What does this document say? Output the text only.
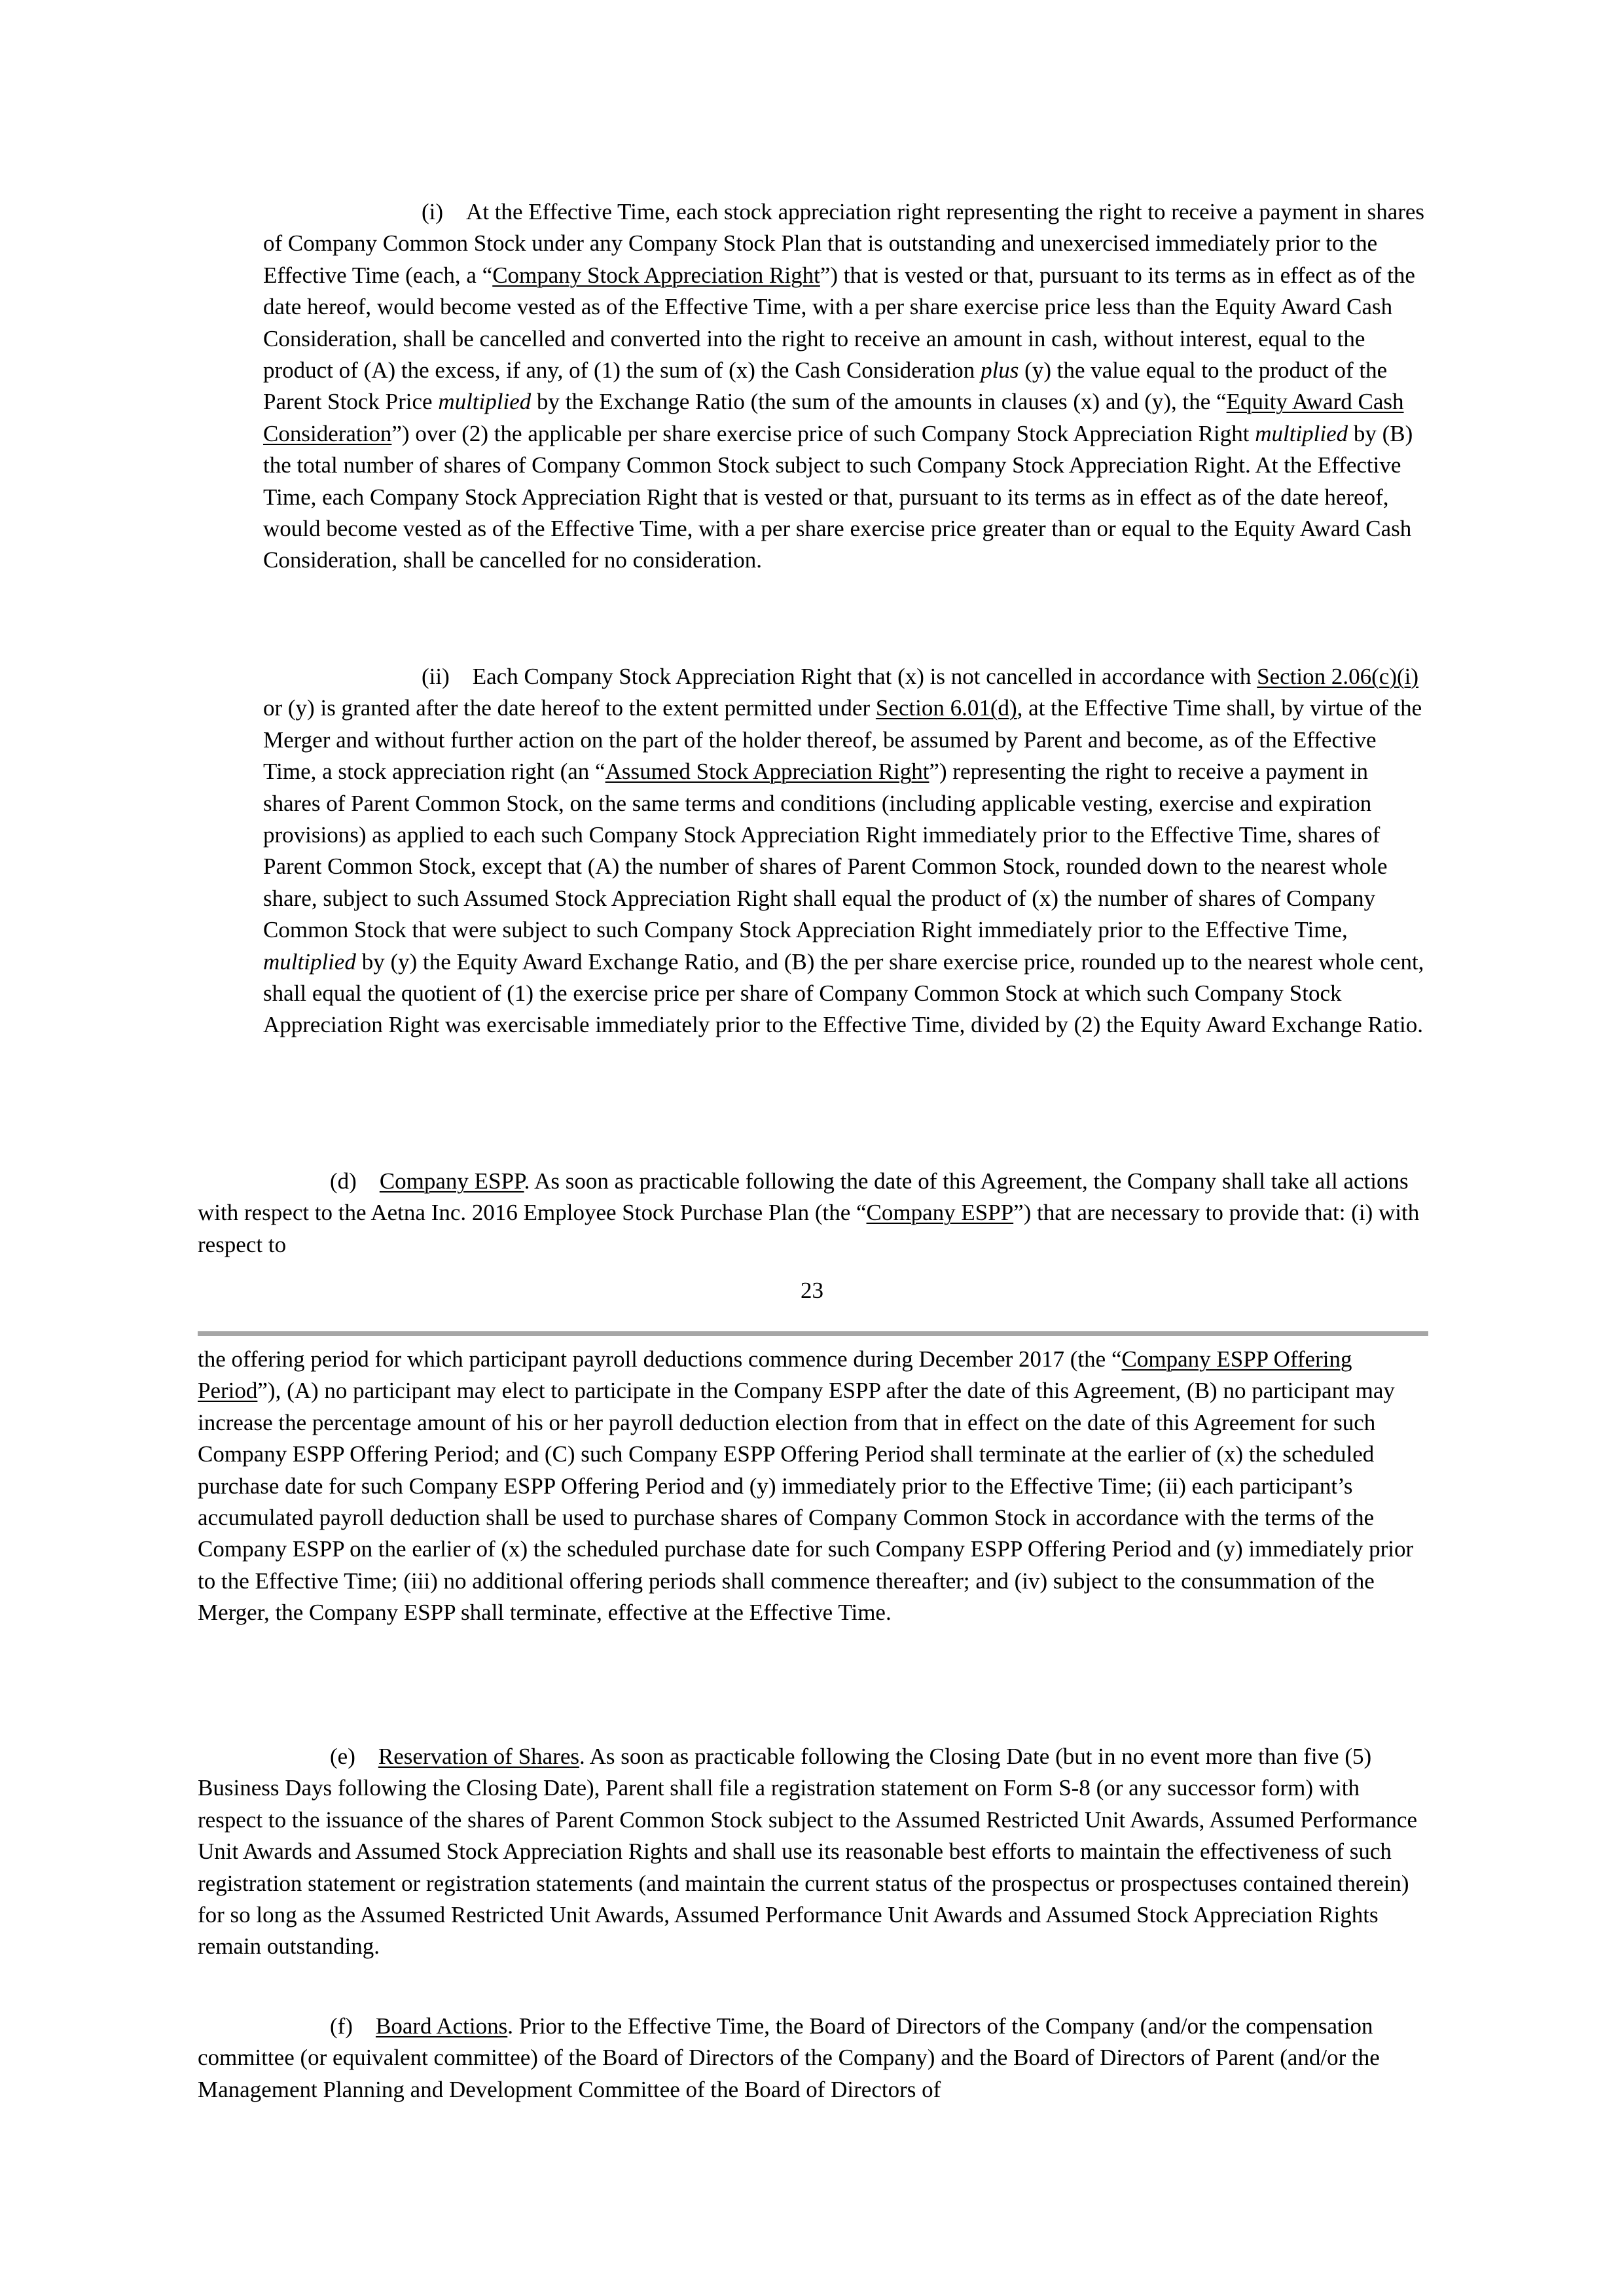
(i) At the Effective Time, each stock appreciation right representing the right to receive a payment in shares of Company Common Stock under any Company Stock Plan that is outstanding and unexercised immediately prior to the Effective Time (each, a “Company Stock Appreciation Right”) that is vested or that, pursuant to its terms as in effect as of the date hereof, would become vested as of the Effective Time, with a per share exercise price less than the Equity Award Cash Consideration, shall be cancelled and converted into the right to receive an amount in cash, without interest, equal to the product of (A) the excess, if any, of (1) the sum of (x) the Cash Consideration plus (y) the value equal to the product of the Parent Stock Price multiplied by the Exchange Ratio (the sum of the amounts in clauses (x) and (y), the “Equity Award Cash Consideration”) over (2) the applicable per share exercise price of such Company Stock Appreciation Right multiplied by (B) the total number of shares of Company Common Stock subject to such Company Stock Appreciation Right. At the Effective Time, each Company Stock Appreciation Right that is vested or that, pursuant to its terms as in effect as of the date hereof, would become vested as of the Effective Time, with a per share exercise price greater than or equal to the Equity Award Cash Consideration, shall be cancelled for no consideration.

(ii) Each Company Stock Appreciation Right that (x) is not cancelled in accordance with Section 2.06(c)(i) or (y) is granted after the date hereof to the extent permitted under Section 6.01(d), at the Effective Time shall, by virtue of the Merger and without further action on the part of the holder thereof, be assumed by Parent and become, as of the Effective Time, a stock appreciation right (an “Assumed Stock Appreciation Right”) representing the right to receive a payment in shares of Parent Common Stock, on the same terms and conditions (including applicable vesting, exercise and expiration provisions) as applied to each such Company Stock Appreciation Right immediately prior to the Effective Time, shares of Parent Common Stock, except that (A) the number of shares of Parent Common Stock, rounded down to the nearest whole share, subject to such Assumed Stock Appreciation Right shall equal the product of (x) the number of shares of Company Common Stock that were subject to such Company Stock Appreciation Right immediately prior to the Effective Time, multiplied by (y) the Equity Award Exchange Ratio, and (B) the per share exercise price, rounded up to the nearest whole cent, shall equal the quotient of (1) the exercise price per share of Company Common Stock at which such Company Stock Appreciation Right was exercisable immediately prior to the Effective Time, divided by (2) the Equity Award Exchange Ratio.

(d) Company ESPP. As soon as practicable following the date of this Agreement, the Company shall take all actions with respect to the Aetna Inc. 2016 Employee Stock Purchase Plan (the “Company ESPP”) that are necessary to provide that: (i) with respect to

23

the offering period for which participant payroll deductions commence during December 2017 (the “Company ESPP Offering Period”), (A) no participant may elect to participate in the Company ESPP after the date of this Agreement, (B) no participant may increase the percentage amount of his or her payroll deduction election from that in effect on the date of this Agreement for such Company ESPP Offering Period; and (C) such Company ESPP Offering Period shall terminate at the earlier of (x) the scheduled purchase date for such Company ESPP Offering Period and (y) immediately prior to the Effective Time; (ii) each participant’s accumulated payroll deduction shall be used to purchase shares of Company Common Stock in accordance with the terms of the Company ESPP on the earlier of (x) the scheduled purchase date for such Company ESPP Offering Period and (y) immediately prior to the Effective Time; (iii) no additional offering periods shall commence thereafter; and (iv) subject to the consummation of the Merger, the Company ESPP shall terminate, effective at the Effective Time.

(e) Reservation of Shares. As soon as practicable following the Closing Date (but in no event more than five (5) Business Days following the Closing Date), Parent shall file a registration statement on Form S-8 (or any successor form) with respect to the issuance of the shares of Parent Common Stock subject to the Assumed Restricted Unit Awards, Assumed Performance Unit Awards and Assumed Stock Appreciation Rights and shall use its reasonable best efforts to maintain the effectiveness of such registration statement or registration statements (and maintain the current status of the prospectus or prospectuses contained therein) for so long as the Assumed Restricted Unit Awards, Assumed Performance Unit Awards and Assumed Stock Appreciation Rights remain outstanding.

(f) Board Actions. Prior to the Effective Time, the Board of Directors of the Company (and/or the compensation committee (or equivalent committee) of the Board of Directors of the Company) and the Board of Directors of Parent (and/or the Management Planning and Development Committee of the Board of Directors of
